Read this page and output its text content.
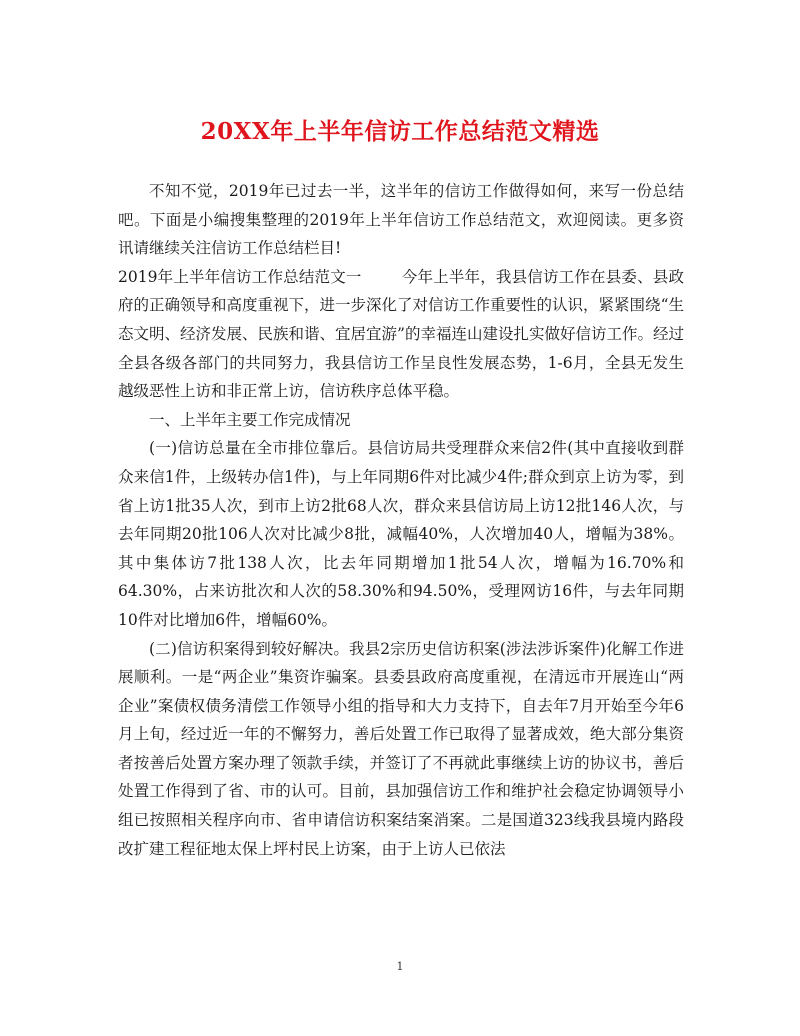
20XX年上半年信访工作总结范文精选

不知不觉，2019年已过去一半，这半年的信访工作做得如何，来写一份总结吧。下面是小编搜集整理的2019年上半年信访工作总结范文，欢迎阅读。更多资讯请继续关注信访工作总结栏目!

2019年上半年信访工作总结范文一	今年上半年，我县信访工作在县委、县政府的正确领导和高度重视下，进一步深化了对信访工作重要性的认识，紧紧围绕“生态文明、经济发展、民族和谐、宜居宜游”的幸福连山建设扎实做好信访工作。经过全县各级各部门的共同努力，我县信访工作呈良性发展态势，1-6月，全县无发生越级恶性上访和非正常上访，信访秩序总体平稳。

一、上半年主要工作完成情况

(一)信访总量在全市排位靠后。县信访局共受理群众来信2件(其中直接收到群众来信1件，上级转办信1件)，与上年同期6件对比减少4件;群众到京上访为零，到省上访1批35人次，到市上访2批68人次，群众来县信访局上访12批146人次，与去年同期20批106人次对比减少8批，减幅40%，人次增加40人，增幅为38%。其中集体访7批138人次，比去年同期增加1批54人次，增幅为16.70%和64.30%，占来访批次和人次的58.30%和94.50%，受理网访16件，与去年同期10件对比增加6件，增幅60%。

(二)信访积案得到较好解决。我县2宗历史信访积案(涉法涉诉案件)化解工作进展顺利。一是“两企业”集资诈骗案。县委县政府高度重视，在清远市开展连山“两企业”案债权债务清偿工作领导小组的指导和大力支持下，自去年7月开始至今年6月上旬，经过近一年的不懈努力，善后处置工作已取得了显著成效，绝大部分集资者按善后处置方案办理了领款手续，并签订了不再就此事继续上访的协议书，善后处置工作得到了省、市的认可。目前，县加强信访工作和维护社会稳定协调领导小组已按照相关程序向市、省申请信访积案结案消案。二是国道323线我县境内路段改扩建工程征地太保上坪村民上访案，由于上访人已依法

1
